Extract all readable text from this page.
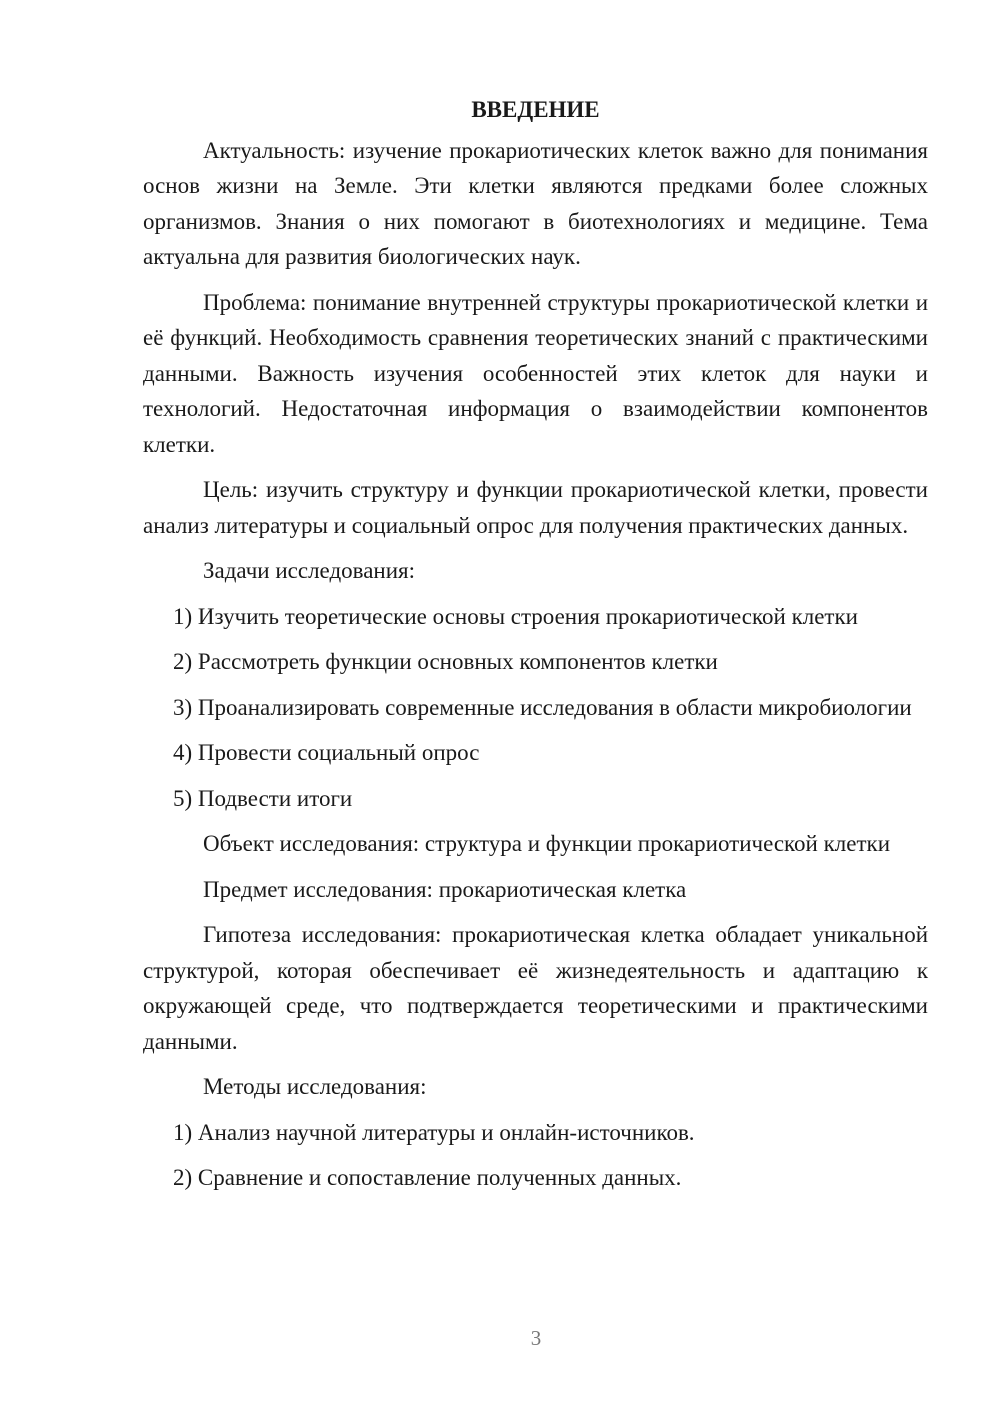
ВВЕДЕНИЕ

Актуальность: изучение прокариотических клеток важно для понимания основ жизни на Земле. Эти клетки являются предками более сложных организмов. Знания о них помогают в биотехнологиях и медицине. Тема актуальна для развития биологических наук.

Проблема: понимание внутренней структуры прокариотической клетки и её функций. Необходимость сравнения теоретических знаний с практическими данными. Важность изучения особенностей этих клеток для науки и технологий. Недостаточная информация о взаимодействии компонентов клетки.

Цель: изучить структуру и функции прокариотической клетки, провести анализ литературы и социальный опрос для получения практических данных.

Задачи исследования:

1) Изучить теоретические основы строения прокариотической клетки

2) Рассмотреть функции основных компонентов клетки

3) Проанализировать современные исследования в области микробиологии

4) Провести социальный опрос

5) Подвести итоги

Объект исследования: структура и функции прокариотической клетки

Предмет исследования: прокариотическая клетка

Гипотеза исследования: прокариотическая клетка обладает уникальной структурой, которая обеспечивает её жизнедеятельность и адаптацию к окружающей среде, что подтверждается теоретическими и практическими данными.

Методы исследования:

1) Анализ научной литературы и онлайн-источников.

2) Сравнение и сопоставление полученных данных.

3
